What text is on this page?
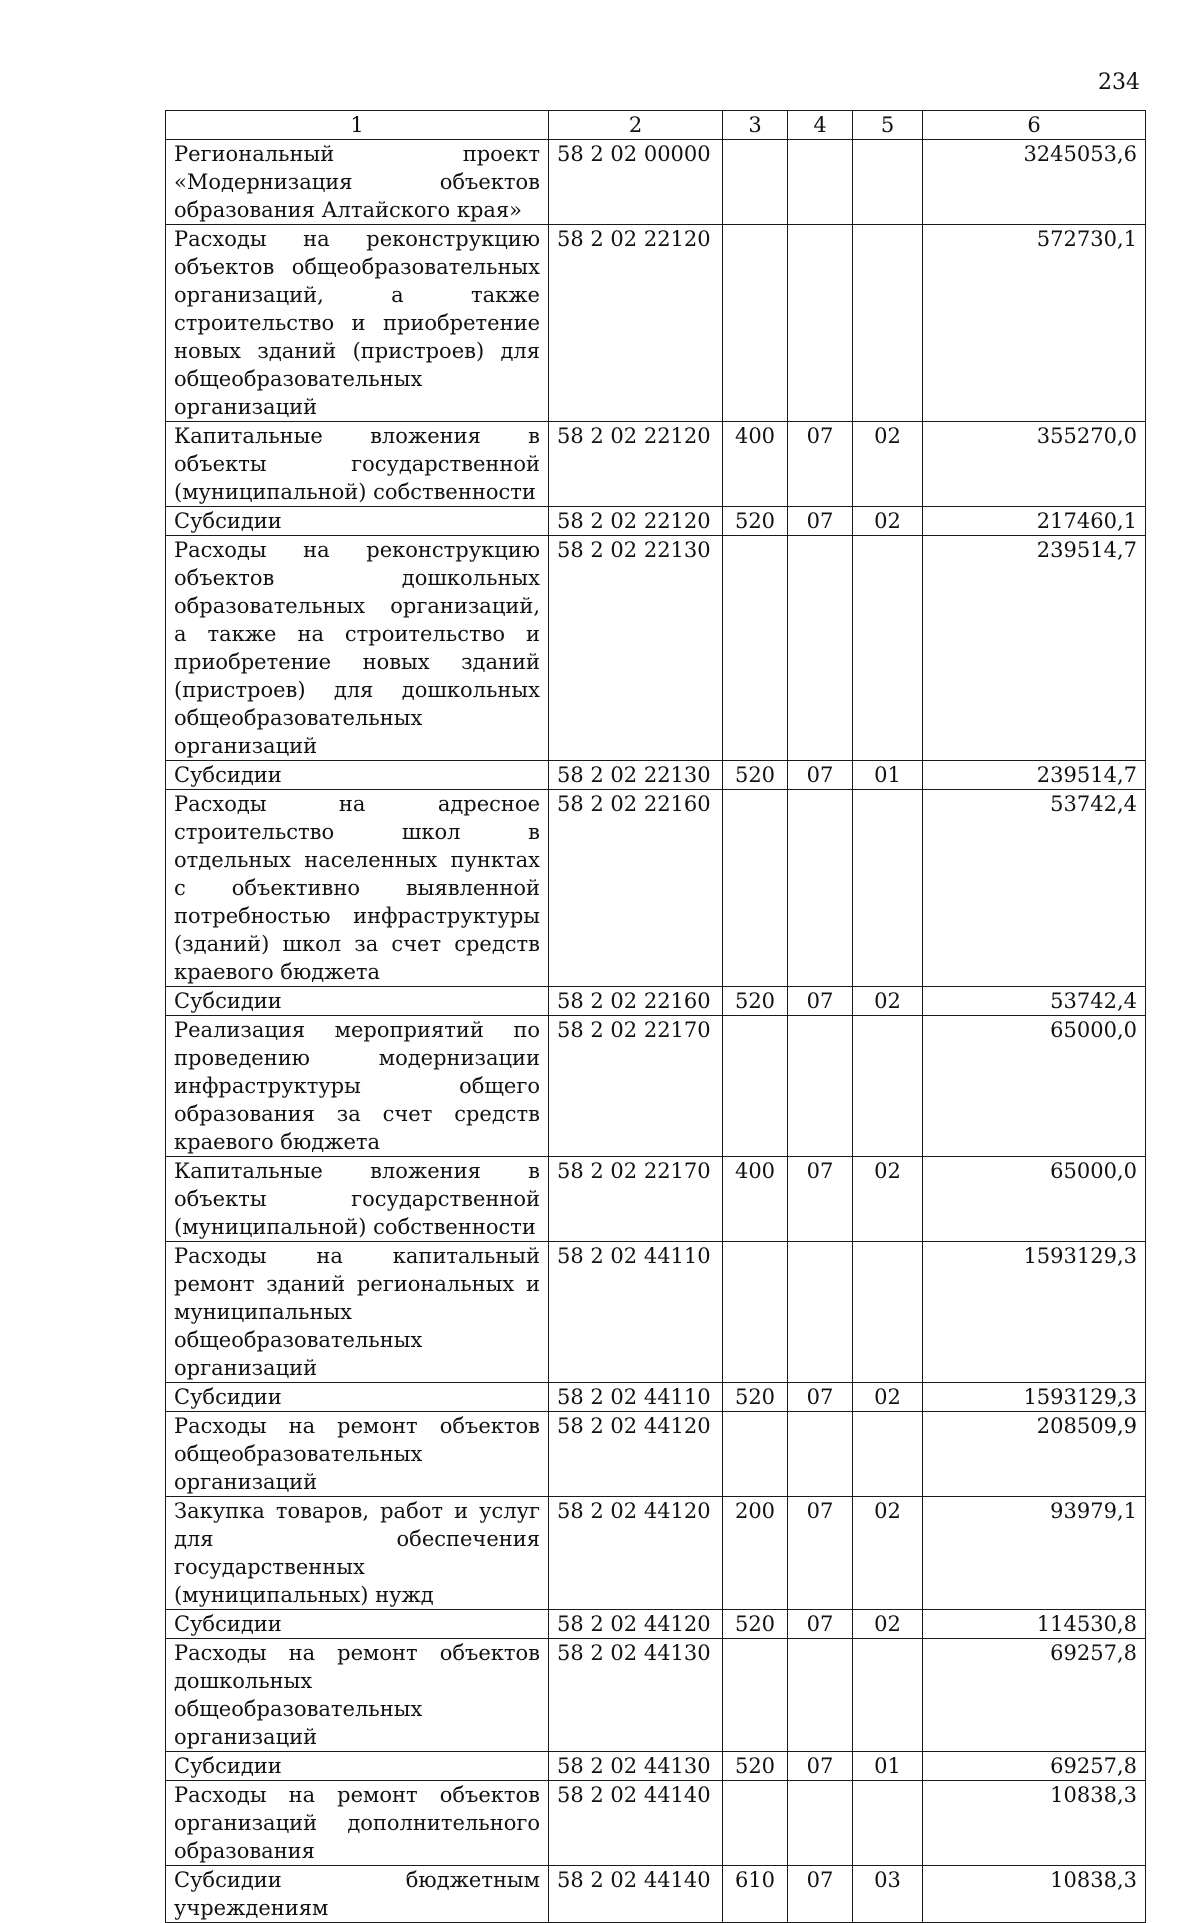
234
1	2	3	4	5	6
Региональный проект «Модернизация объектов образования Алтайского края»	58 2 02 00000				3245053,6
Расходы на реконструкцию объектов общеобразовательных организаций, а также строительство и приобретение новых зданий (пристроев) для общеобразовательных организаций	58 2 02 22120				572730,1
Капитальные вложения в объекты государственной (муниципальной) собственности	58 2 02 22120	400	07	02	355270,0
Субсидии	58 2 02 22120	520	07	02	217460,1
Расходы на реконструкцию объектов дошкольных образовательных организаций, а также на строительство и приобретение новых зданий (пристроев) для дошкольных общеобразовательных организаций	58 2 02 22130				239514,7
Субсидии	58 2 02 22130	520	07	01	239514,7
Расходы на адресное строительство школ в отдельных населенных пунктах с объективно выявленной потребностью инфраструктуры (зданий) школ за счет средств краевого бюджета	58 2 02 22160				53742,4
Субсидии	58 2 02 22160	520	07	02	53742,4
Реализация мероприятий по проведению модернизации инфраструктуры общего образования за счет средств краевого бюджета	58 2 02 22170				65000,0
Капитальные вложения в объекты государственной (муниципальной) собственности	58 2 02 22170	400	07	02	65000,0
Расходы на капитальный ремонт зданий региональных и муниципальных общеобразовательных организаций	58 2 02 44110				1593129,3
Субсидии	58 2 02 44110	520	07	02	1593129,3
Расходы на ремонт объектов общеобразовательных организаций	58 2 02 44120				208509,9
Закупка товаров, работ и услуг для обеспечения государственных (муниципальных) нужд	58 2 02 44120	200	07	02	93979,1
Субсидии	58 2 02 44120	520	07	02	114530,8
Расходы на ремонт объектов дошкольных общеобразовательных организаций	58 2 02 44130				69257,8
Субсидии	58 2 02 44130	520	07	01	69257,8
Расходы на ремонт объектов организаций дополнительного образования	58 2 02 44140				10838,3
Субсидии бюджетным учреждениям	58 2 02 44140	610	07	03	10838,3
